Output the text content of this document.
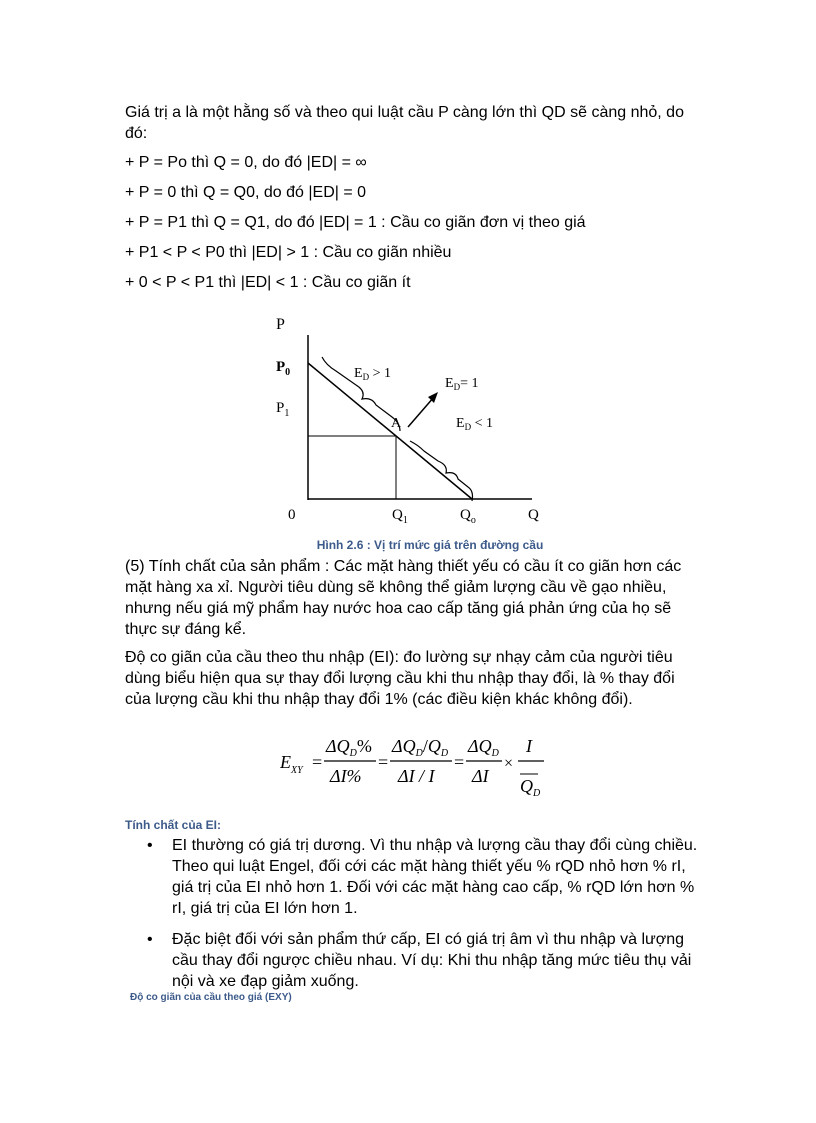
Giá trị a là một hằng số và theo qui luật cầu P càng lớn thì QD sẽ càng nhỏ, do đó:

+ P = Po thì Q = 0, do đó |ED| = ∞

+ P = 0 thì Q = Q0, do đó |ED| = 0

+ P = P1 thì Q = Q1, do đó |ED| = 1 : Cầu co giãn đơn vị theo giá

+ P1 < P < P0 thì |ED| > 1 : Cầu co giãn nhiều

+ 0 < P < P1 thì |ED| < 1 : Cầu co giãn ít

P
$P_0$
$P_1$
0	$Q_1$	$Q_o$	Q
A
$E_D > 1$
$E_D= 1$
$E_D < 1$

Hình 2.6 : Vị trí mức giá trên đường cầu

(5) Tính chất của sản phẩm : Các mặt hàng thiết yếu có cầu ít co giãn hơn các mặt hàng xa xỉ. Người tiêu dùng sẽ không thể giảm lượng cầu về gạo nhiều, nhưng nếu giá mỹ phẩm hay nước hoa cao cấp tăng giá phản ứng của họ sẽ thực sự đáng kể.

Độ co giãn của cầu theo thu nhập (EI): đo lường sự nhạy cảm của người tiêu dùng biểu hiện qua sự thay đổi lượng cầu khi thu nhập thay đổi, là % thay đổi của lượng cầu khi thu nhập thay đổi 1% (các điều kiện khác không đổi).

$E_{XY}$ =
$\Delta Q_D\%$
ΔI%
=
$\Delta Q_D/Q_D$
ΔI / I
=
$\Delta Q_D$
ΔI
×
I
$Q_D$

Tính chất của EI:

• EI thường có giá trị dương. Vì thu nhập và lượng cầu thay đổi cùng chiều. Theo qui luật Engel, đối cới các mặt hàng thiết yếu % rQD nhỏ hơn % rI, giá trị của EI nhỏ hơn 1. Đối với các mặt hàng cao cấp, % rQD lớn hơn % rI, giá trị của EI lớn hơn 1.
• Đặc biệt đối với sản phẩm thứ cấp, EI có giá trị âm vì thu nhập và lượng cầu thay đổi ngược chiều nhau. Ví dụ: Khi thu nhập tăng mức tiêu thụ vải nội và xe đạp giảm xuống.

Độ co giãn của cầu theo giá (EXY)
